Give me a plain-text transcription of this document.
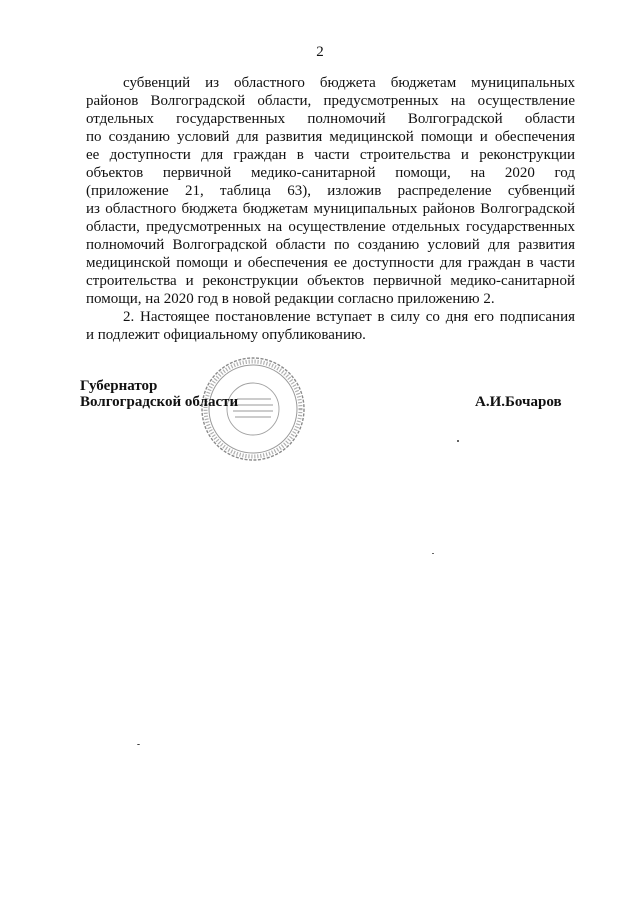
2
субвенций из областного бюджета бюджетам муниципальных
районов Волгоградской области, предусмотренных на осуществление
отдельных государственных полномочий Волгоградской области
по созданию условий для развития медицинской помощи и обеспечения
ее доступности для граждан в части строительства и реконструкции
объектов первичной медико-санитарной помощи, на 2020 год
(приложение 21, таблица 63), изложив распределение субвенций
из областного бюджета бюджетам муниципальных районов Волгоградской
области, предусмотренных на осуществление отдельных государственных
полномочий Волгоградской области по созданию условий для развития
медицинской помощи и обеспечения ее доступности для граждан в части
строительства и реконструкции объектов первичной медико-санитарной
помощи, на 2020 год в новой редакции согласно приложению 2.
2. Настоящее постановление вступает в силу со дня его подписания
и подлежит официальному опубликованию.
Губернатор
Волгоградской области	А.И.Бочаров
